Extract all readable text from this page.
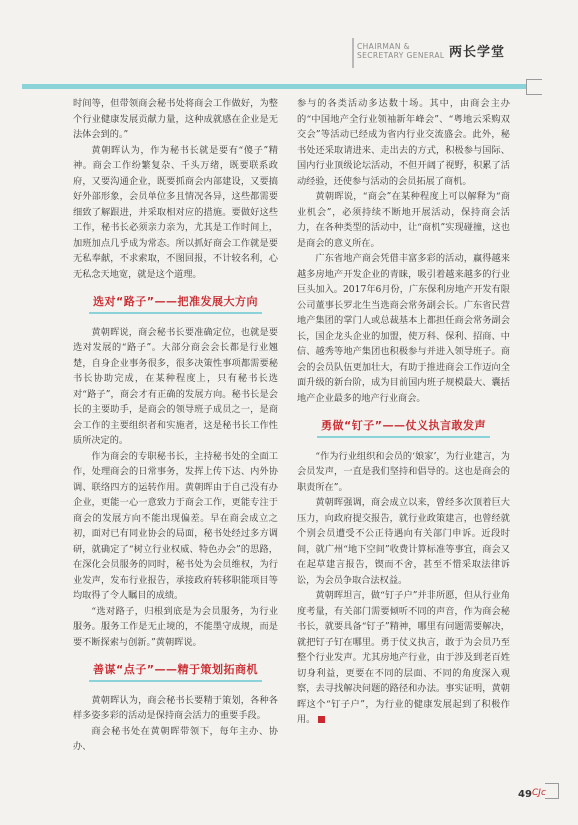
CHAIRMAN &
SECRETARY GENERAL 两长学堂

时间等，但带领商会秘书处将商会工作做好，为整个行业健康发展贡献力量，这种成就感在企业是无法体会到的。”

黄朝晖认为，作为秘书长就是要有“傻子”精神。商会工作纷繁复杂、千头万绪，既要联系政府，又要沟通企业，既要抓商会内部建设，又要搞好外部形象，会员单位多且情况各异，这些都需要细致了解跟进，并采取相对应的措施。要做好这些工作，秘书长必须亲力亲为，尤其是工作时间上，加班加点几乎成为常态。所以抓好商会工作就是要无私奉献，不求索取，不图回报，不计较名利，心无私念天地宽，就是这个道理。

选对“路子”——把准发展大方向

黄朝晖说，商会秘书长要准确定位，也就是要选对发展的“路子”。大部分商会会长都是行业翘楚，自身企业事务很多，很多决策性事项都需要秘书长协助完成，在某种程度上，只有秘书长选对“路子”，商会才有正确的发展方向。秘书长是会长的主要助手，是商会的领导班子成员之一，是商会工作的主要组织者和实施者，这是秘书长工作性质所决定的。

作为商会的专职秘书长，主持秘书处的全面工作，处理商会的日常事务，发挥上传下达、内外协调、联络四方的运转作用。黄朝晖由于自己没有办企业，更能一心一意致力于商会工作，更能专注于商会的发展方向不能出现偏差。早在商会成立之初，面对已有同业协会的局面，秘书处经过多方调研，就确定了“树立行业权威、特色办会”的思路，在深化会员服务的同时，秘书处为会员维权，为行业发声，发布行业报告，承接政府转移职能项目等均取得了令人瞩目的成绩。

“选对路子，归根到底是为会员服务，为行业服务。服务工作是无止境的，不能墨守成规，而是要不断探索与创新。”黄朝晖说。

善谋“点子”——精于策划拓商机

黄朝晖认为，商会秘书长要精于策划，各种各样多姿多彩的活动是保持商会活力的重要手段。

商会秘书处在黄朝晖带领下，每年主办、协办、

参与的各类活动多达数十场。其中，由商会主办的“中国地产全行业领袖新年峰会”、“粤地云采购双交会”等活动已经成为省内行业交流盛会。此外，秘书处还采取请进来、走出去的方式，积极参与国际、国内行业顶级论坛活动，不但开阔了视野，积累了活动经验，还使参与活动的会员拓展了商机。

黄朝晖说，“商会”在某种程度上可以解释为“商业机会”，必须持续不断地开展活动，保持商会活力，在各种类型的活动中，让“商机”实现碰撞，这也是商会的意义所在。

广东省地产商会凭借丰富多彩的活动，赢得越来越多房地产开发企业的青睐，吸引着越来越多的行业巨头加入。2017年6月份，广东保利房地产开发有限公司董事长罗北生当选商会常务副会长。广东省民营地产集团的掌门人或总裁基本上都担任商会常务副会长，国企龙头企业的加盟，使万科、保利、招商、中信、越秀等地产集团也积极参与并进入领导班子。商会的会员队伍更加壮大，有助于推进商会工作迈向全面升级的新台阶，成为目前国内班子规模最大、囊括地产企业最多的地产行业商会。

勇做“钉子”——仗义执言敢发声

“作为行业组织和会员的‘娘家’，为行业建言，为会员发声，一直是我们坚持和倡导的。这也是商会的职责所在”。

黄朝晖强调，商会成立以来，曾经多次顶着巨大压力，向政府提交报告，就行业政策建言，也曾经就个别会员遭受不公正待遇向有关部门申诉。近段时间，就广州“地下空间”收费计算标准等事宜，商会又在起草建言报告，锲而不舍，甚至不惜采取法律诉讼，为会员争取合法权益。

黄朝晖坦言，做“钉子户”并非所愿，但从行业角度考量，有关部门需要倾听不同的声音，作为商会秘书长，就要具备“钉子”精神，哪里有问题需要解决，就把钉子钉在哪里。勇于仗义执言，敢于为会员乃至整个行业发声。尤其房地产行业，由于涉及到老百姓切身利益，更要在不同的层面、不同的角度深入观察，去寻找解决问题的路径和办法。事实证明，黄朝晖这个“钉子户”，为行业的健康发展起到了积极作用。

49 CJc
